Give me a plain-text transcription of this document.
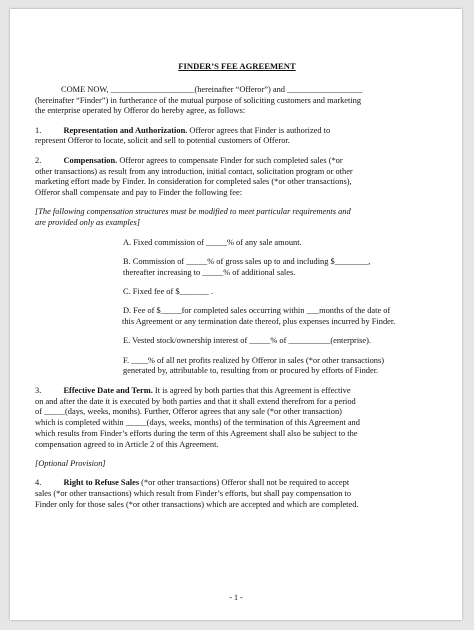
FINDER’S FEE AGREEMENT
COME NOW, ____________________(hereinafter “Offeror”) and __________________
(hereinafter “Finder”) in furtherance of the mutual purpose of soliciting customers and marketing
the enterprise operated by Offeror do hereby agree, as follows:
1.	Representation and Authorization. Offeror agrees that Finder is authorized to
represent Offeror to locate, solicit and sell to potential customers of Offeror.
2.	Compensation. Offeror agrees to compensate Finder for such completed sales (*or
other transactions) as result from any introduction, initial contact, solicitation program or other
marketing effort made by Finder. In consideration for completed sales (*or other transactions),
Offeror shall compensate and pay to Finder the following fee:
[The following compensation structures must be modified to meet particular requirements and
are provided only as examples]
A. Fixed commission of _____% of any sale amount.
B. Commission of _____% of gross sales up to and including $________,
thereafter increasing to _____% of additional sales.
C. Fixed fee of $_______ .
D. Fee of $_____for completed sales occurring within ___months of the date of
this Agreement or any termination date thereof, plus expenses incurred by Finder.
E. Vested stock/ownership interest of _____% of __________(enterprise).
F. ____% of all net profits realized by Offeror in sales (*or other transactions)
generated by, attributable to, resulting from or procured by efforts of Finder.
3.	Effective Date and Term. It is agreed by both parties that this Agreement is effective
on and after the date it is executed by both parties and that it shall extend therefrom for a period
of _____(days, weeks, months). Further, Offeror agrees that any sale (*or other transaction)
which is completed within _____(days, weeks, months) of the termination of this Agreement and
which results from Finder’s efforts during the term of this Agreement shall also be subject to the
compensation agreed to in Article 2 of this Agreement.
[Optional Provision]
4.	Right to Refuse Sales (*or other transactions) Offeror shall not be required to accept
sales (*or other transactions) which result from Finder’s efforts, but shall pay compensation to
Finder only for those sales (*or other transactions) which are accepted and which are completed.
- 1 -
